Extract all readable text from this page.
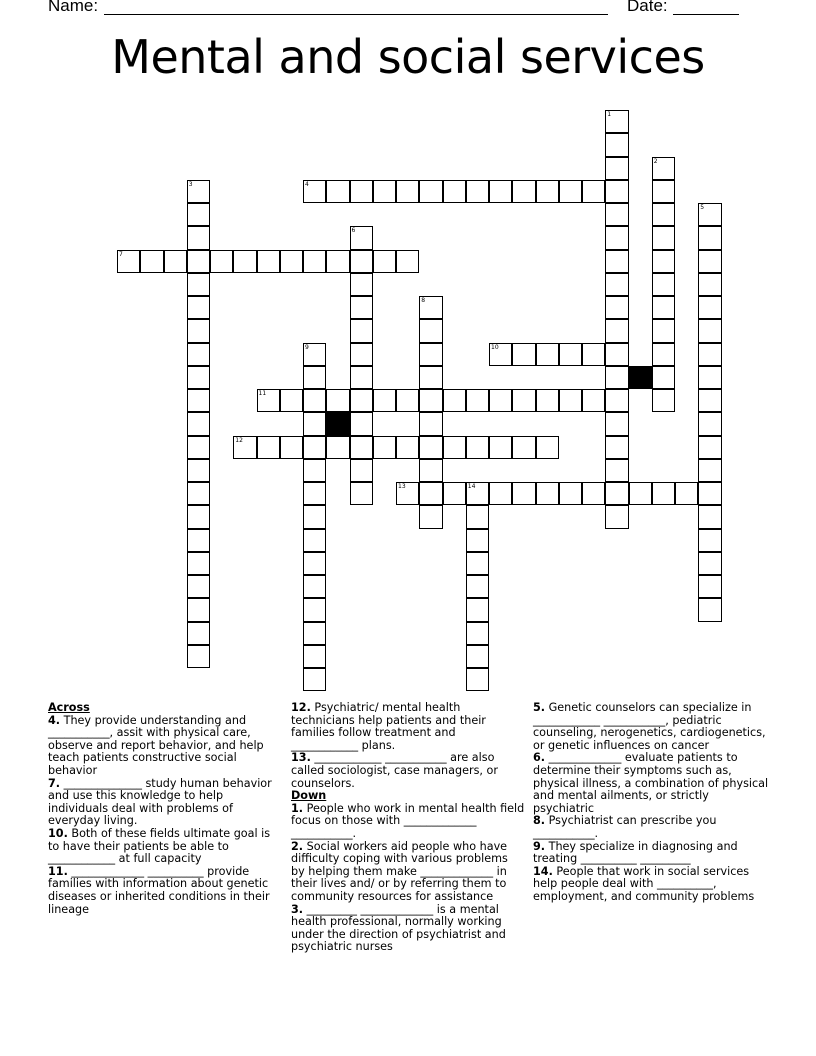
Name:	Date:
Mental and social services
1
2
3	4
5
6
7
8
9	10
11
12
13	14

Across

4. They provide understanding and ___________, assit with physical care, observe and report behavior, and help teach patients constructive social behavior

7. ______________ study human behavior and use this knowledge to help individuals deal with problems of everyday living.

10. Both of these fields ultimate goal is to have their patients be able to ____________ at full capacity

11. _____________ __________ provide families with information about genetic diseases or inherited conditions in their lineage

12. Psychiatric/ mental health technicians help patients and their families follow treatment and ____________ plans.

13. ____________ ___________ are also called sociologist, case managers, or counselors.

Down

1. People who work in mental health field focus on those with _____________ ___________.

2. Social workers aid people who have difficulty coping with various problems by helping them make _____________ in their lives and/ or by referring them to community resources for assistance

3. _________ _____________ is a mental health professional, normally working under the direction of psychiatrist and psychiatric nurses

5. Genetic counselors can specialize in ____________ ___________, pediatric counseling, nerogenetics, cardiogenetics, or genetic influences on cancer

6. _____________ evaluate patients to determine their symptoms such as, physical illness, a combination of physical and mental ailments, or strictly psychiatric

8. Psychiatrist can prescribe you ___________.

9. They specialize in diagnosing and treating __________ _________

14. People that work in social services help people deal with __________, employment, and community problems
